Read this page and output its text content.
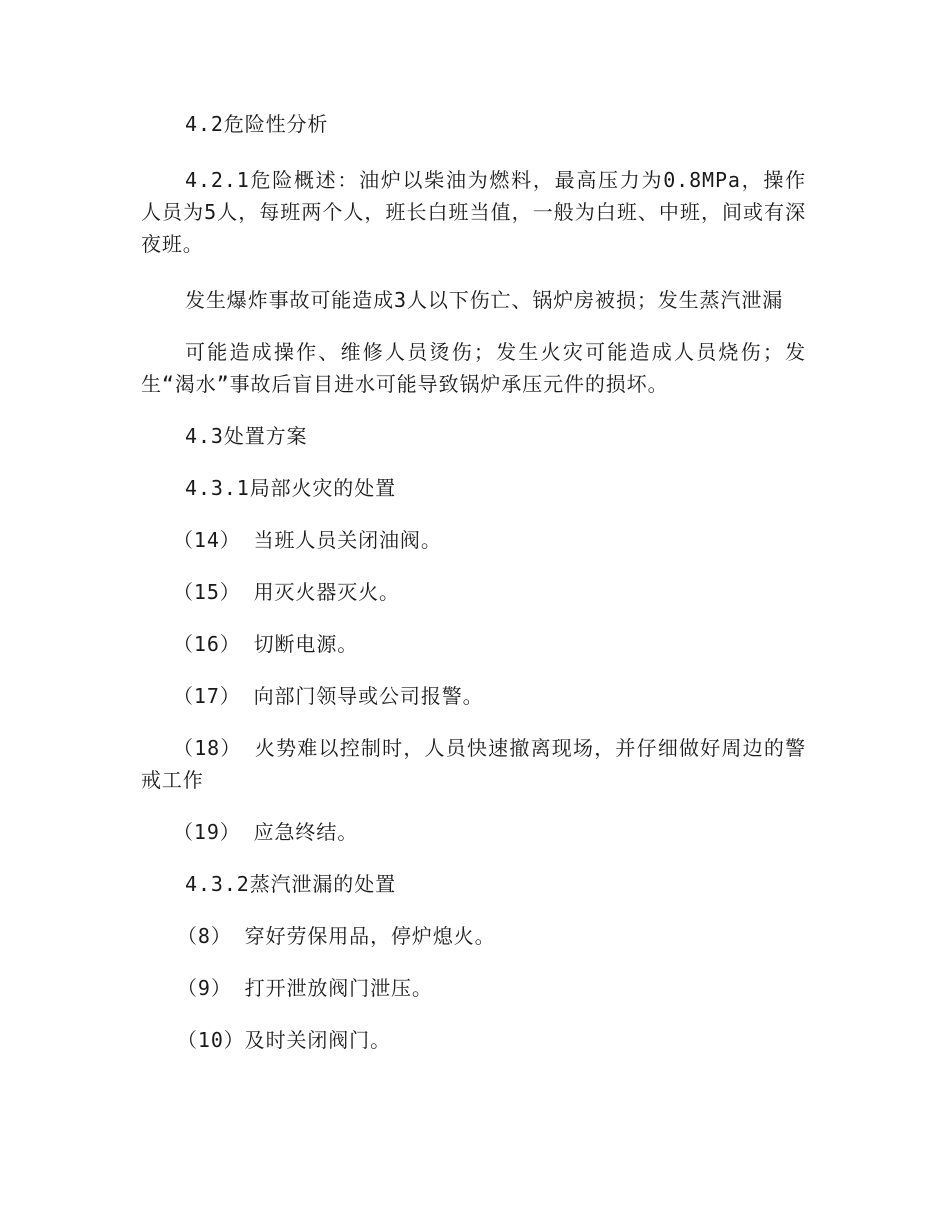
4.2危险性分析

4.2.1危险概述：油炉以柴油为燃料，最高压力为0.8MPa，操作人员为5人，每班两个人，班长白班当值，一般为白班、中班，间或有深夜班。

发生爆炸事故可能造成3人以下伤亡、锅炉房被损；发生蒸汽泄漏

可能造成操作、维修人员烫伤；发生火灾可能造成人员烧伤；发生“渴水”事故后盲目进水可能导致锅炉承压元件的损坏。

4.3处置方案

4.3.1局部火灾的处置

（14） 当班人员关闭油阀。

（15） 用灭火器灭火。

（16） 切断电源。

（17） 向部门领导或公司报警。

（18） 火势难以控制时，人员快速撤离现场，并仔细做好周边的警戒工作

（19） 应急终结。

4.3.2蒸汽泄漏的处置

（8） 穿好劳保用品，停炉熄火。

（9） 打开泄放阀门泄压。

（10）及时关闭阀门。
